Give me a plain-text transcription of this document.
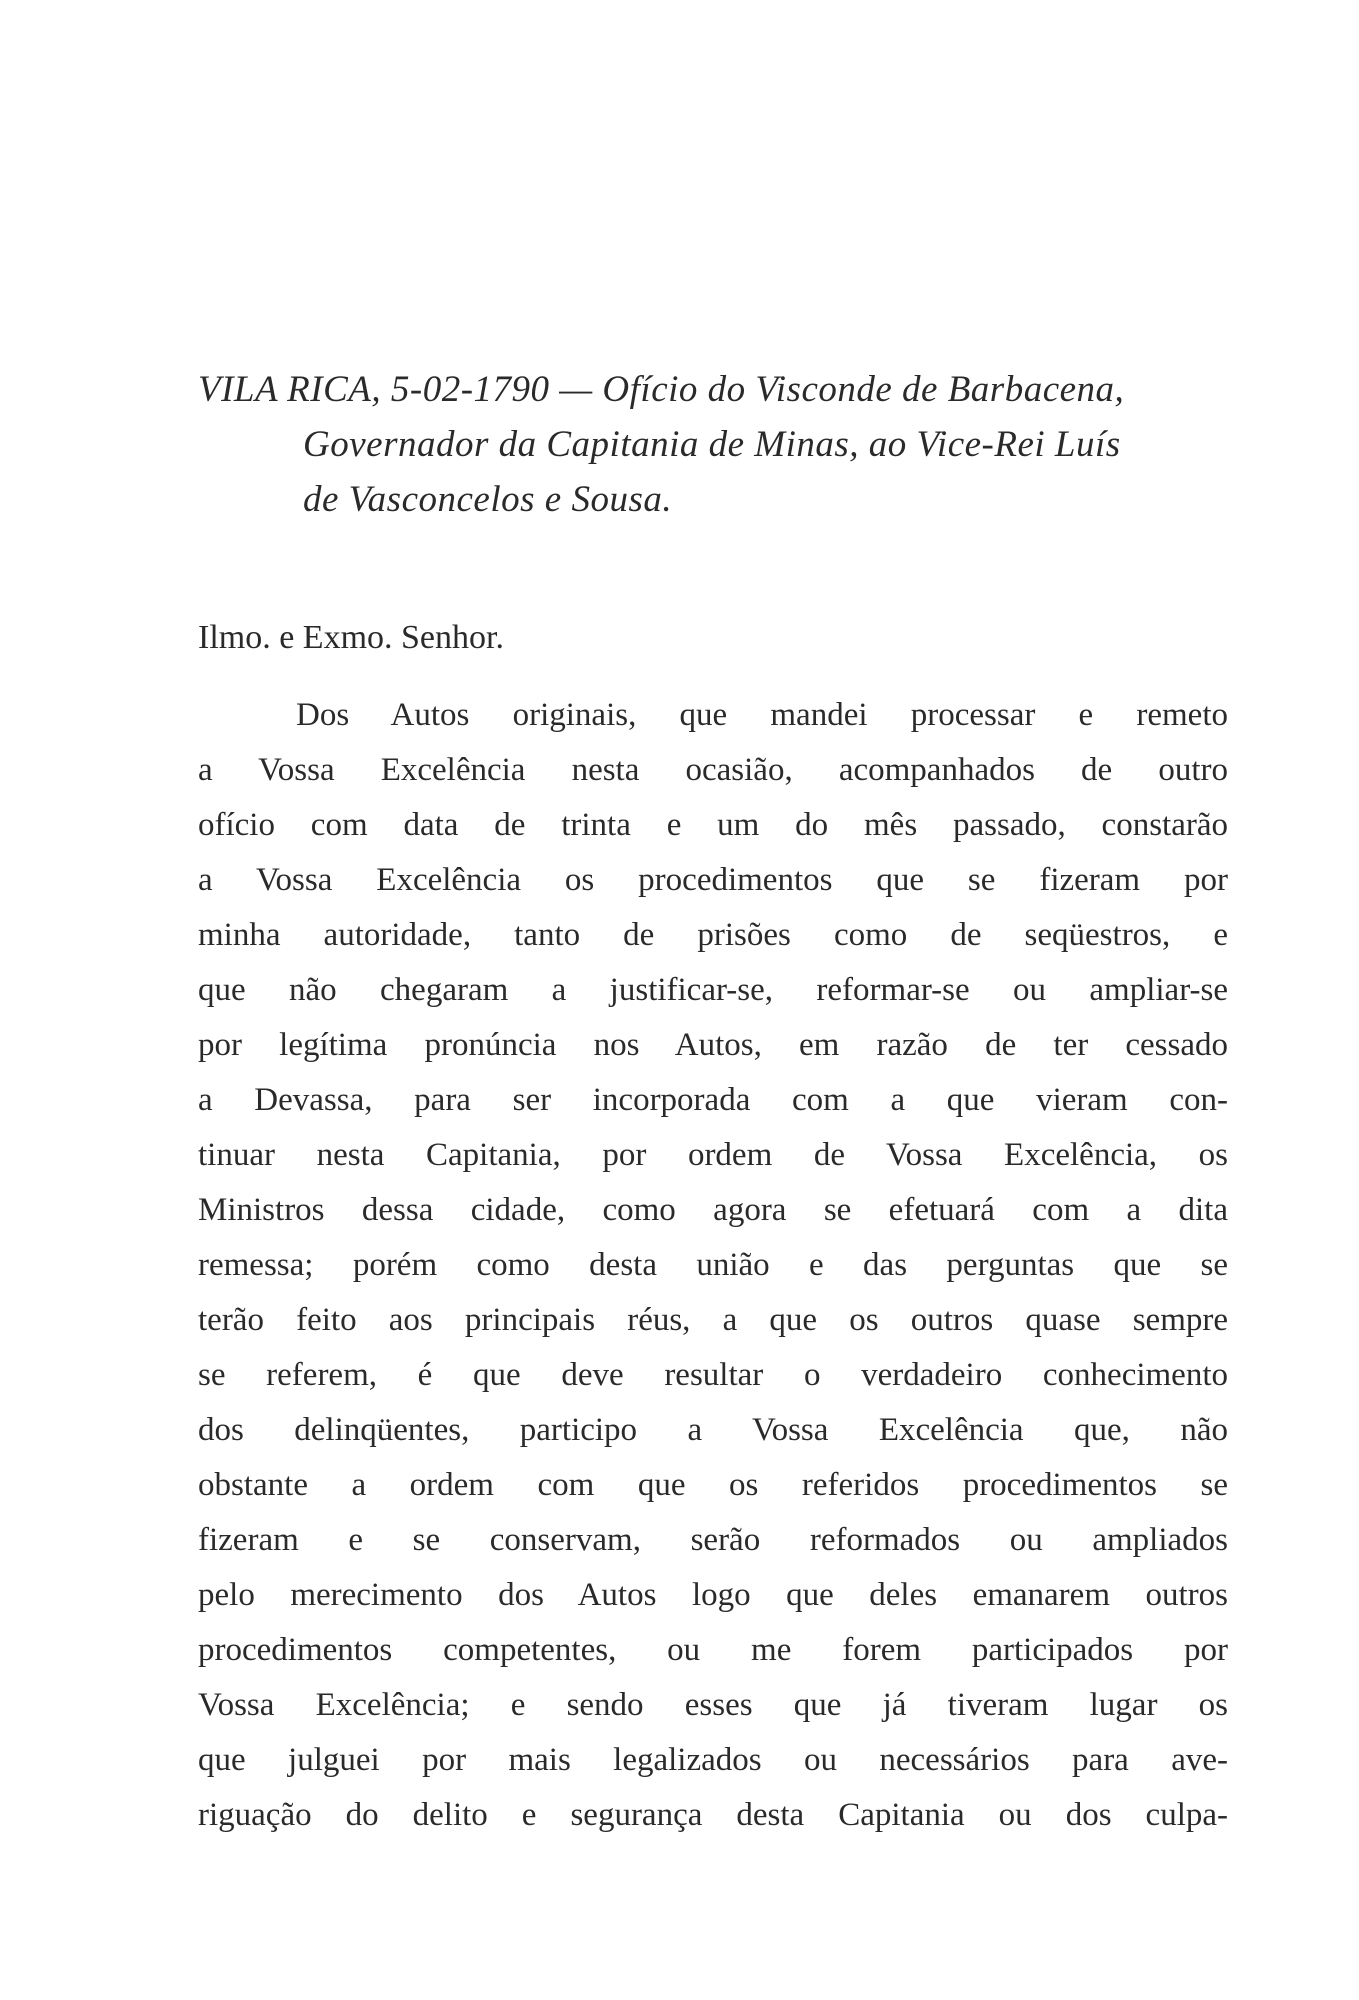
VILA RICA, 5-02-1790 — Ofício do Visconde de Barbacena,
Governador da Capitania de Minas, ao Vice-Rei Luís
de Vasconcelos e Sousa.
Ilmo. e Exmo. Senhor.
Dos Autos originais, que mandei processar e remeto
a Vossa Excelência nesta ocasião, acompanhados de outro
ofício com data de trinta e um do mês passado, constarão
a Vossa Excelência os procedimentos que se fizeram por
minha autoridade, tanto de prisões como de seqüestros, e
que não chegaram a justificar-se, reformar-se ou ampliar-se
por legítima pronúncia nos Autos, em razão de ter cessado
a Devassa, para ser incorporada com a que vieram con-
tinuar nesta Capitania, por ordem de Vossa Excelência, os
Ministros dessa cidade, como agora se efetuará com a dita
remessa; porém como desta união e das perguntas que se
terão feito aos principais réus, a que os outros quase sempre
se referem, é que deve resultar o verdadeiro conhecimento
dos delinqüentes, participo a Vossa Excelência que, não
obstante a ordem com que os referidos procedimentos se
fizeram e se conservam, serão reformados ou ampliados
pelo merecimento dos Autos logo que deles emanarem outros
procedimentos competentes, ou me forem participados por
Vossa Excelência; e sendo esses que já tiveram lugar os
que julguei por mais legalizados ou necessários para ave-
riguação do delito e segurança desta Capitania ou dos culpa-
